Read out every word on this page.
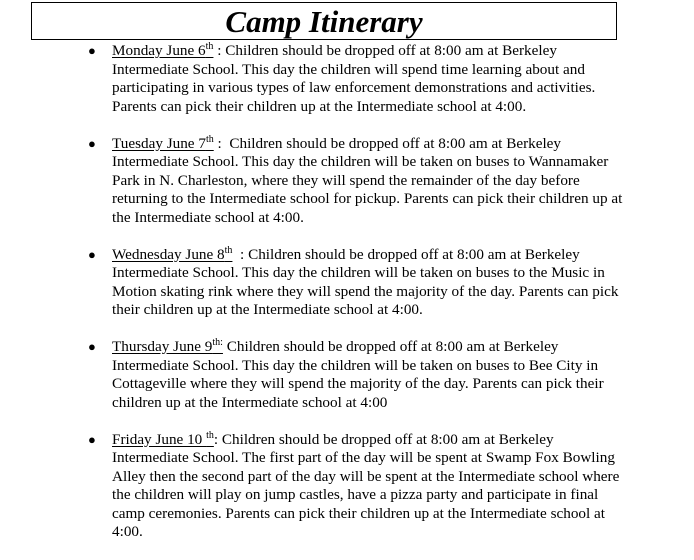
Camp Itinerary
● Monday June 6th : Children should be dropped off at 8:00 am at Berkeley Intermediate School. This day the children will spend time learning about and participating in various types of law enforcement demonstrations and activities. Parents can pick their children up at the Intermediate school at 4:00.
● Tuesday June 7th :  Children should be dropped off at 8:00 am at Berkeley Intermediate School. This day the children will be taken on buses to Wannamaker Park in N. Charleston, where they will spend the remainder of the day before returning to the Intermediate school for pickup. Parents can pick their children up at the Intermediate school at 4:00.
● Wednesday June 8th  : Children should be dropped off at 8:00 am at Berkeley Intermediate School. This day the children will be taken on buses to the Music in Motion skating rink where they will spend the majority of the day. Parents can pick their children up at the Intermediate school at 4:00.
● Thursday June $9^{th:}$ Children should be dropped off at 8:00 am at Berkeley Intermediate School. This day the children will be taken on buses to Bee City in Cottageville where they will spend the majority of the day. Parents can pick their children up at the Intermediate school at 4:00
● Friday June 10 $^{th}$: Children should be dropped off at 8:00 am at Berkeley Intermediate School. The first part of the day will be spent at Swamp Fox Bowling Alley then the second part of the day will be spent at the Intermediate school where the children will play on jump castles, have a pizza party and participate in final camp ceremonies. Parents can pick their children up at the Intermediate school at 4:00.
